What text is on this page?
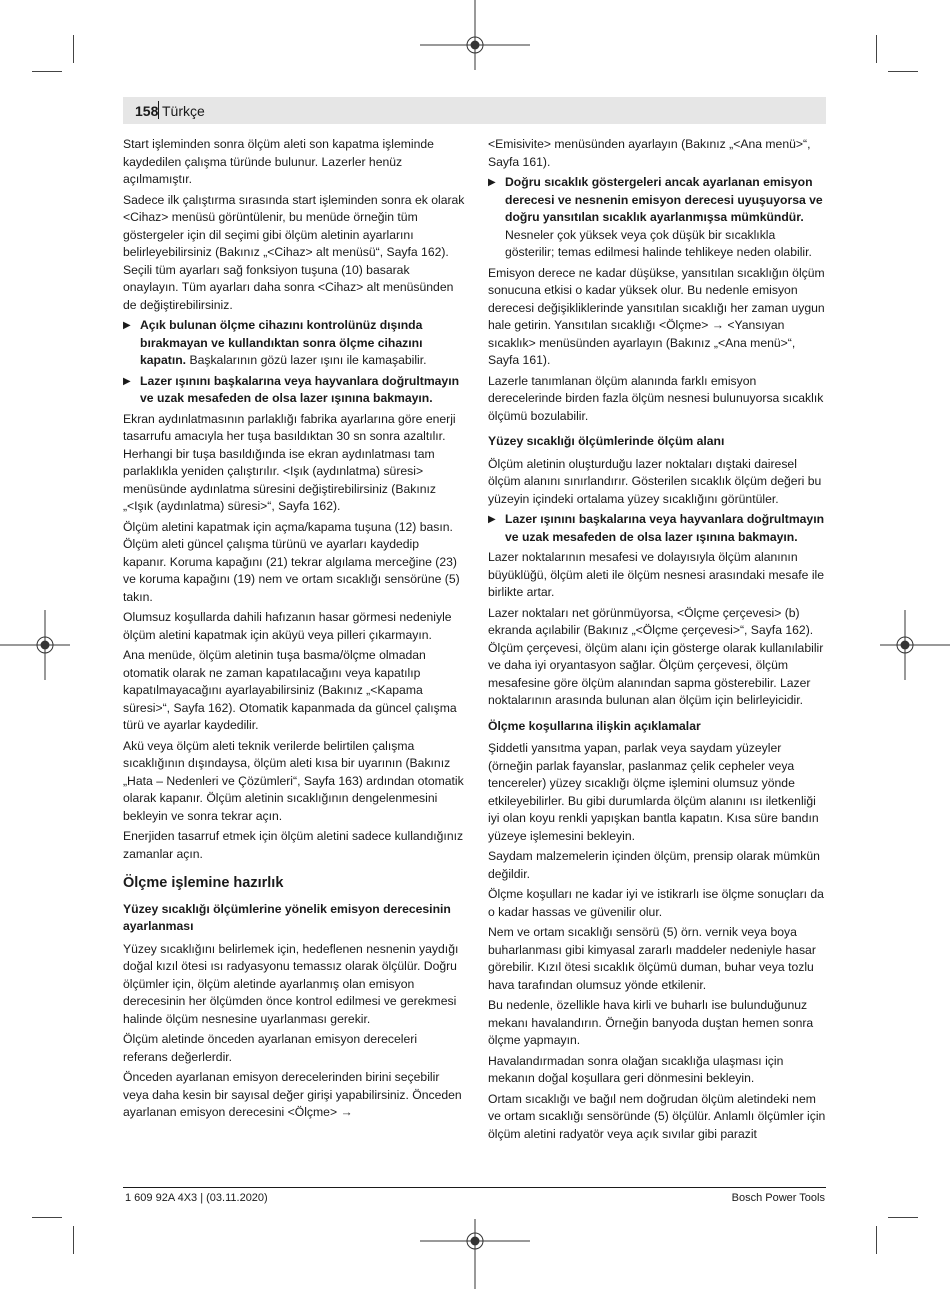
158 Türkçe

Start işleminden sonra ölçüm aleti son kapatma işleminde kaydedilen çalışma türünde bulunur. Lazerler henüz açılmamıştır.

Sadece ilk çalıştırma sırasında start işleminden sonra ek olarak <Cihaz> menüsü görüntülenir, bu menüde örneğin tüm göstergeler için dil seçimi gibi ölçüm aletinin ayarlarını belirleyebilirsiniz (Bakınız „<Cihaz> alt menüsü“, Sayfa 162). Seçili tüm ayarları sağ fonksiyon tuşuna (10) basarak onaylayın. Tüm ayarları daha sonra <Cihaz> alt menüsünden de değiştirebilirsiniz.

▶ Açık bulunan ölçme cihazını kontrolünüz dışında bırakmayan ve kullandıktan sonra ölçme cihazını kapatın. Başkalarının gözü lazer ışını ile kamaşabilir.
▶ Lazer ışınını başkalarına veya hayvanlara doğrultmayın ve uzak mesafeden de olsa lazer ışınına bakmayın.

Ekran aydınlatmasının parlaklığı fabrika ayarlarına göre enerji tasarrufu amacıyla her tuşa basıldıktan 30 sn sonra azaltılır. Herhangi bir tuşa basıldığında ise ekran aydınlatması tam parlaklıkla yeniden çalıştırılır. <Işık (aydınlatma) süresi> menüsünde aydınlatma süresini değiştirebilirsiniz (Bakınız „<Işık (aydınlatma) süresi>“, Sayfa 162).

Ölçüm aletini kapatmak için açma/kapama tuşuna (12) basın. Ölçüm aleti güncel çalışma türünü ve ayarları kaydedip kapanır. Koruma kapağını (21) tekrar algılama merceğine (23) ve koruma kapağını (19) nem ve ortam sıcaklığı sensörüne (5) takın.

Olumsuz koşullarda dahili hafızanın hasar görmesi nedeniyle ölçüm aletini kapatmak için aküyü veya pilleri çıkarmayın.

Ana menüde, ölçüm aletinin tuşa basma/ölçme olmadan otomatik olarak ne zaman kapatılacağını veya kapatılıp kapatılmayacağını ayarlayabilirsiniz (Bakınız „<Kapama süresi>“, Sayfa 162). Otomatik kapanmada da güncel çalışma türü ve ayarlar kaydedilir.

Akü veya ölçüm aleti teknik verilerde belirtilen çalışma sıcaklığının dışındaysa, ölçüm aleti kısa bir uyarının (Bakınız „Hata – Nedenleri ve Çözümleri“, Sayfa 163) ardından otomatik olarak kapanır. Ölçüm aletinin sıcaklığının dengelenmesini bekleyin ve sonra tekrar açın.

Enerjiden tasarruf etmek için ölçüm aletini sadece kullandığınız zamanlar açın.

Ölçme işlemine hazırlık
Yüzey sıcaklığı ölçümlerine yönelik emisyon derecesinin ayarlanması

Yüzey sıcaklığını belirlemek için, hedeflenen nesnenin yaydığı doğal kızıl ötesi ısı radyasyonu temassız olarak ölçülür. Doğru ölçümler için, ölçüm aletinde ayarlanmış olan emisyon derecesinin her ölçümden önce kontrol edilmesi ve gerekmesi halinde ölçüm nesnesine uyarlanması gerekir.

Ölçüm aletinde önceden ayarlanan emisyon dereceleri referans değerlerdir.

Önceden ayarlanan emisyon derecelerinden birini seçebilir veya daha kesin bir sayısal değer girişi yapabilirsiniz. Önceden ayarlanan emisyon derecesini <Ölçme> →

<Emisivite> menüsünden ayarlayın (Bakınız „<Ana menü>“, Sayfa 161).

▶ Doğru sıcaklık göstergeleri ancak ayarlanan emisyon derecesi ve nesnenin emisyon derecesi uyuşuyorsa ve doğru yansıtılan sıcaklık ayarlanmışsa mümkündür. Nesneler çok yüksek veya çok düşük bir sıcaklıkla gösterilir; temas edilmesi halinde tehlikeye neden olabilir.

Emisyon derece ne kadar düşükse, yansıtılan sıcaklığın ölçüm sonucuna etkisi o kadar yüksek olur. Bu nedenle emisyon derecesi değişikliklerinde yansıtılan sıcaklığı her zaman uygun hale getirin. Yansıtılan sıcaklığı <Ölçme> → <Yansıyan sıcaklık> menüsünden ayarlayın (Bakınız „<Ana menü>“, Sayfa 161).

Lazerle tanımlanan ölçüm alanında farklı emisyon derecelerinde birden fazla ölçüm nesnesi bulunuyorsa sıcaklık ölçümü bozulabilir.

Yüzey sıcaklığı ölçümlerinde ölçüm alanı

Ölçüm aletinin oluşturduğu lazer noktaları dıştaki dairesel ölçüm alanını sınırlandırır. Gösterilen sıcaklık ölçüm değeri bu yüzeyin içindeki ortalama yüzey sıcaklığını görüntüler.

▶ Lazer ışınını başkalarına veya hayvanlara doğrultmayın ve uzak mesafeden de olsa lazer ışınına bakmayın.

Lazer noktalarının mesafesi ve dolayısıyla ölçüm alanının büyüklüğü, ölçüm aleti ile ölçüm nesnesi arasındaki mesafe ile birlikte artar.

Lazer noktaları net görünmüyorsa, <Ölçme çerçevesi> (b) ekranda açılabilir (Bakınız „<Ölçme çerçevesi>“, Sayfa 162). Ölçüm çerçevesi, ölçüm alanı için gösterge olarak kullanılabilir ve daha iyi oryantasyon sağlar. Ölçüm çerçevesi, ölçüm mesafesine göre ölçüm alanından sapma gösterebilir. Lazer noktalarının arasında bulunan alan ölçüm için belirleyicidir.

Ölçme koşullarına ilişkin açıklamalar

Şiddetli yansıtma yapan, parlak veya saydam yüzeyler (örneğin parlak fayanslar, paslanmaz çelik cepheler veya tencereler) yüzey sıcaklığı ölçme işlemini olumsuz yönde etkileyebilirler. Bu gibi durumlarda ölçüm alanını ısı iletkenliği iyi olan koyu renkli yapışkan bantla kapatın. Kısa süre bandın yüzeye işlemesini bekleyin.

Saydam malzemelerin içinden ölçüm, prensip olarak mümkün değildir.

Ölçme koşulları ne kadar iyi ve istikrarlı ise ölçme sonuçları da o kadar hassas ve güvenilir olur.

Nem ve ortam sıcaklığı sensörü (5) örn. vernik veya boya buharlanması gibi kimyasal zararlı maddeler nedeniyle hasar görebilir. Kızıl ötesi sıcaklık ölçümü duman, buhar veya tozlu hava tarafından olumsuz yönde etkilenir.

Bu nedenle, özellikle hava kirli ve buharlı ise bulunduğunuz mekanı havalandırın. Örneğin banyoda duştan hemen sonra ölçme yapmayın.

Havalandırmadan sonra olağan sıcaklığa ulaşması için mekanın doğal koşullara geri dönmesini bekleyin.

Ortam sıcaklığı ve bağıl nem doğrudan ölçüm aletindeki nem ve ortam sıcaklığı sensöründe (5) ölçülür. Anlamlı ölçümler için ölçüm aletini radyatör veya açık sıvılar gibi parazit

1 609 92A 4X3 | (03.11.2020)	Bosch Power Tools
